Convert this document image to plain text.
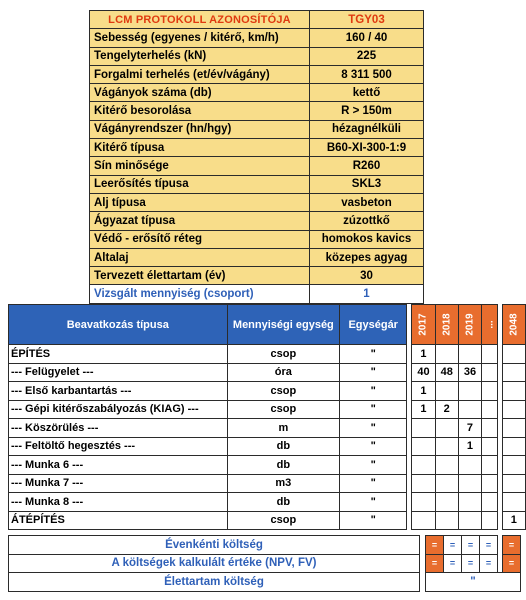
LCM PROTOKOLL AZONOSÍTÓJA	TGY03
Sebesség (egyenes / kitérő, km/h)	160 / 40
Tengelyterhelés (kN)	225
Forgalmi terhelés (et/év/vágány)	8 311 500
Vágányok száma (db)	kettő
Kitérő besorolása	R > 150m
Vágányrendszer (hn/hgy)	hézagnélküli
Kitérő típusa	B60-XI-300-1:9
Sín minősége	R260
Leerősítés típusa	SKL3
Alj típusa	vasbeton
Ágyazat típusa	zúzottkő
Védő - erősítő réteg	homokos kavics
Altalaj	közepes agyag
Tervezett élettartam (év)	30
Vizsgált mennyiség (csoport)	1
Beavatkozás típusa	Mennyiségi egység	Egységár		2017	2018	2019	...		2048
ÉPÍTÉS	csop	"		1					
--- Felügyelet ---	óra	"		40	48	36			
--- Első karbantartás ---	csop	"		1					
--- Gépi kitérőszabályozás (KIAG) ---	csop	"		1	2				
--- Köszörülés ---	m	"				7			
--- Feltöltő hegesztés ---	db	"				1			
--- Munka 6 ---	db	"							
--- Munka 7 ---	m3	"							
--- Munka 8 ---	db	"							
ÁTÉPÍTÉS	csop	"							1
Évenkénti költség		=	=	=	=		=
A költségek kalkulált értéke (NPV, FV)		=	=	=	=		=
Élettartam költség		"					
